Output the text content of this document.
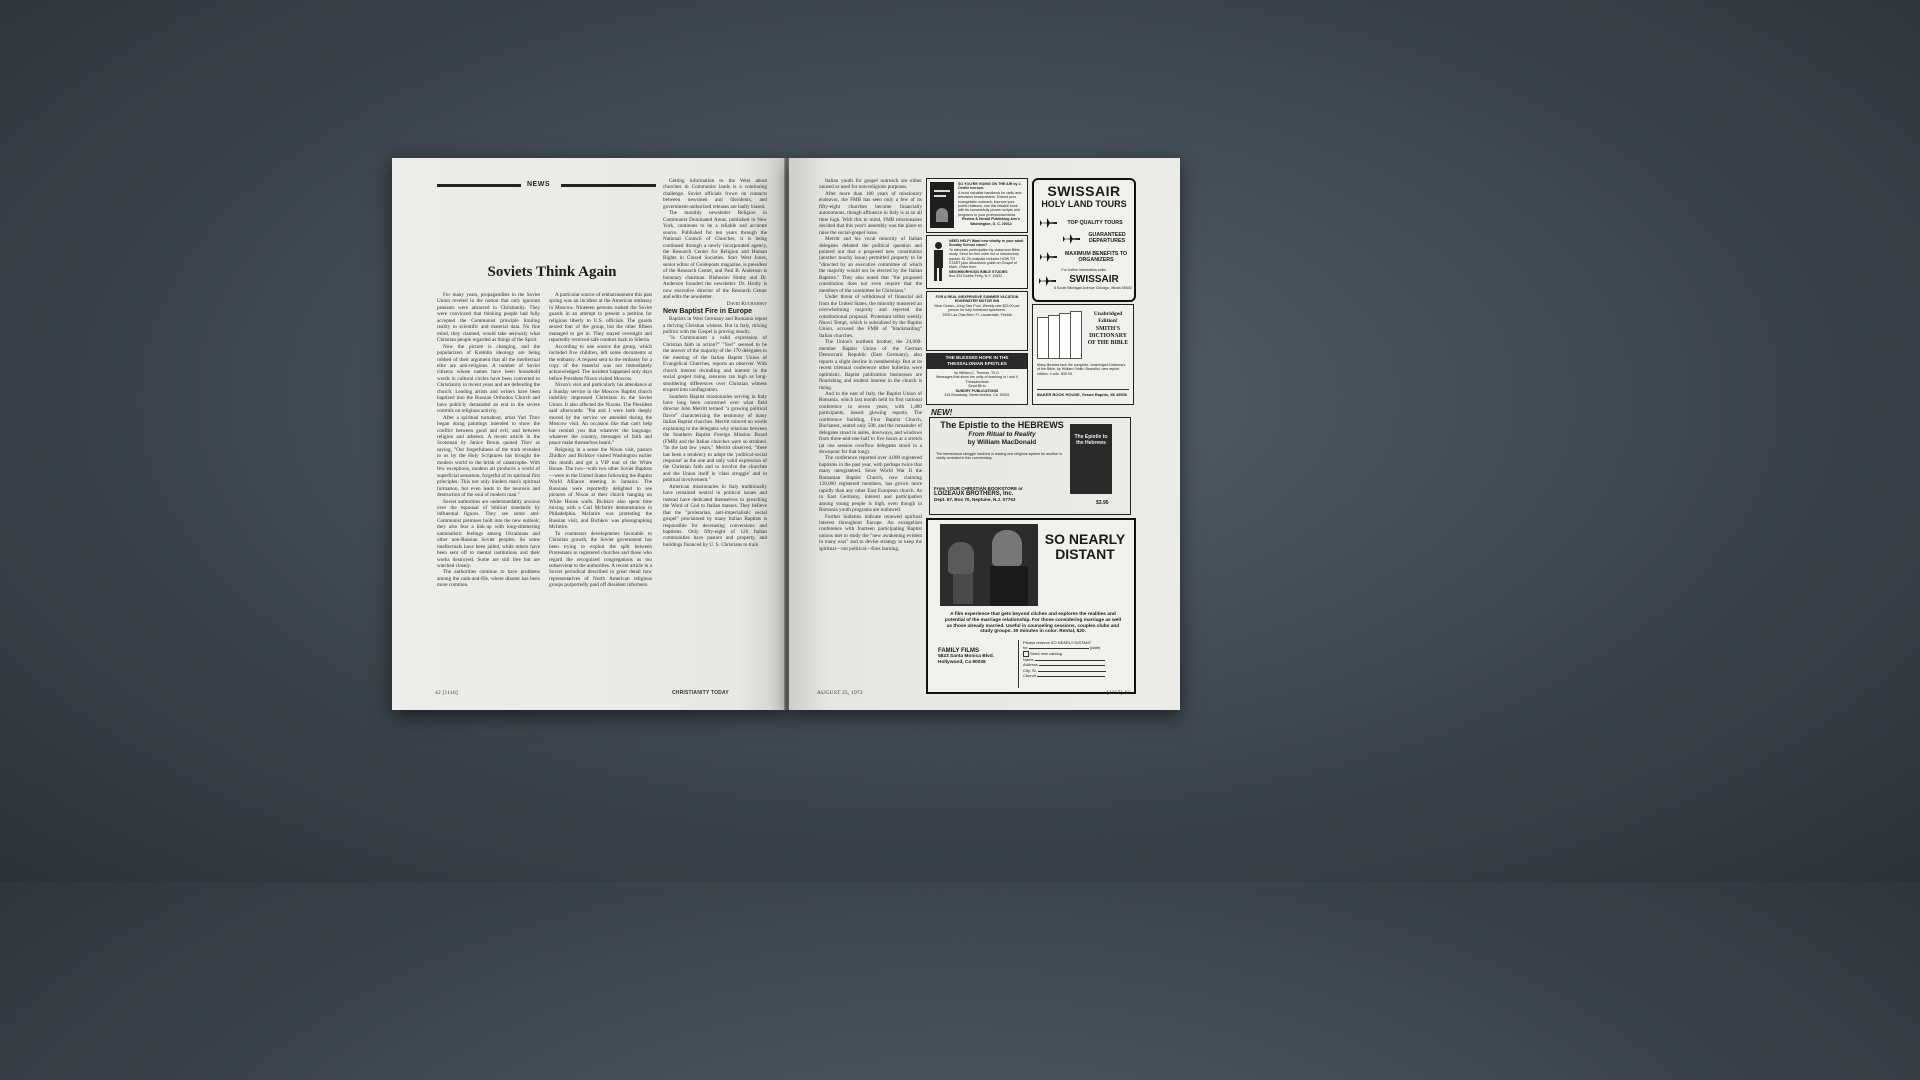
NEWS
Soviets Think Again

For many years, propagandists in the Soviet Union reveled in the notion that only ignorant peasants were attracted to Christianity. They were convinced that thinking people had fully accepted the Communist principle limiting reality to scientific and material data. No fine mind, they claimed, would take seriously what Christian people regarded as things of the Spirit.

Now the picture is changing, and the popularizers of Kremlin ideology are being robbed of their argument that all the intellectual elite are anti-religious. A number of Soviet citizens whose names have been household words in cultural circles have been converted to Christianity in recent years and are defending the church. Leading artists and writers have been baptized into the Russian Orthodox Church and have publicly demanded an end to the severe controls on religious activity.

After a spiritual turnabout, artist Yuri Titov began doing paintings intended to show the conflict between good and evil, and between religion and atheism. A recent article in the Scotsman by Janice Broun quoted Titov as saying, "Our forgetfulness of the truth revealed to us by the Holy Scriptures has brought the modern world to the brink of catastrophe. With few exceptions, modern art produces a world of superficial sensation, forgetful of its spiritual first principles. This not only hinders man's spiritual formation, but even leads to the neurosis and destruction of the soul of modern man."

Soviet authorities are understandably anxious over the espousal of biblical standards by influential figures. They see some anti-Communist premises built into the new outlook; they also fear a link-up with long-simmering nationalistic feelings among Ukrainians and other non-Russian Soviet peoples. So some intellectuals have been jailed, while others have been sent off to mental institutions and their works destroyed. Some are still free but are watched closely.

The authorities continue to have problems among the rank-and-file, where dissent has been more common.

A particular source of embarrassment this past spring was an incident at the American embassy in Moscow. Nineteen persons rushed the Soviet guards in an attempt to present a petition for religious liberty to U.S. officials. The guards seized four of the group, but the other fifteen managed to get in. They stayed overnight and reportedly received safe conduct back to Siberia.

According to one source the group, which included five children, left some documents at the embassy. A request sent to the embassy for a copy of the material was not immediately acknowledged. The incident happened only days before President Nixon visited Moscow.

Nixon's visit and particularly his attendance at a Sunday service in the Moscow Baptist church indelibly impressed Christians in the Soviet Union. It also affected the Nixons. The President said afterwards: "Pat and I were both deeply moved by the service we attended during the Moscow visit. An occasion like that can't help but remind you that whatever the language, whatever the country, messages of faith and peace make themselves heard."

Reigning in a sense the Nixon visit, pastors Zhidkov and Bichkov visited Washington earlier this month and got a VIP tour of the White House. The two—with two other Soviet Baptists—were in the United States following the Baptist World Alliance meeting in Jamaica. The Russians were reportedly delighted to see pictures of Nixon at their church hanging on White House walls. Bichkov also spent time mixing with a Carl McIntire demonstration in Philadelphia. McIntire was protesting the Russian visit, and Bichkov was photographing McIntire.

To counteract developments favorable to Christian growth, the Soviet government has been trying to exploit the split between Protestants in registered churches and those who regard the recognized congregations as too subservient to the authorities. A recent article in a Soviet periodical described in great detail how representatives of North American religious groups purportedly paid off dissident informers.

Getting information to the West about churches in Communist lands is a continuing challenge. Soviet officials frown on contacts between newsmen and dissidents, and government-authorized releases are badly biased.

The monthly newsletter Religion in Communist Dominated Areas, published in New York, continues to be a reliable and accurate source. Published for ten years through the National Council of Churches, it is being continued through a newly incorporated agency, the Research Center for Religion and Human Rights in Closed Societies. Starr West Jones, senior editor of Guideposts magazine, is president of the Research Center, and Paul B. Anderson is honorary chairman. Blahoslav Hruby and Dr. Anderson founded the newsletter. Dr. Hruby is now executive director of the Research Center and edits the newsletter.

David Kucharsky

New Baptist Fire in Europe

Baptists in West Germany and Romania report a thriving Christian witness. But in Italy, mixing politics with the Gospel is proving deadly.

"Is Communism a valid expression of Christian faith in action?" "Yes!" seemed to be the answer of the majority of the 170 delegates to the meeting of the Italian Baptist Union of Evangelical Churches, reports an observer. With church interest dwindling and interest in the social gospel rising, tensions ran high as long-smoldering differences over Christian witness erupted into conflagration.

Southern Baptist missionaries serving in Italy have long been concerned over what field director John Merritt termed "a growing political flavor" characterizing the testimony of many Italian Baptist churches. Merritt minced no words explaining to the delegates why relations between the Southern Baptist Foreign Mission Board (FMB) and the Italian churches were so strained. "In the last few years," Merritt observed, "there has been a tendency to adopt the 'political-social response' as the one and only valid expression of the Christian faith and to involve the churches and the Union itself in 'class struggle' and in political involvement."

American missionaries in Italy traditionally have remained neutral in political issues and instead have dedicated themselves to preaching the Word of God to Italian masses. They believe that the "proletarian, anti-imperialistic social gospel" proclaimed by many Italian Baptists is responsible for decreasing conversions and baptisms. Only fifty-eight of 126 Italian communities have pastors and property, and buildings financed by U. S. Christians to train

42 [1116]	CHRISTIANITY TODAY

Italian youth for gospel outreach are either unused or used for non-religious purposes.

After more than 100 years of missionary endeavor, the FMB has seen only a few of its fifty-eight churches become financially autonomous, though affluence in Italy is at an all time high. With this in mind, FMB missionaries decided that this year's assembly was the place to raise the social-gospel issue.

Merritt and his vocal minority of Italian delegates debated the political question and pointed out that a proposed new constitution (another touchy issue) permitted property to be "directed by an executive committee of which the majority would not be elected by the Italian Baptists." They also noted that "the proposed constitution does not even require that the members of the committee be Christians."

Under threat of withdrawal of financial aid from the United States, the minority mustered an overwhelming majority and rejected the constitutional proposal. Protestant leftist weekly Nuovi Tempi, which is subsidized by the Baptist Union, accused the FMB of "blackmailing" Italian churches.

The Union's northern brother, the 24,000-member Baptist Union of the German Democratic Republic (East Germany), also reports a slight decline in membership. But at its recent triennial conference other bulletins were optimistic. Baptist publication businesses are flourishing and student interest in the church is rising.

And to the east of Italy, the Baptist Union of Romania, which last month held its first national conference in seven years, with 1,400 participants, issued glowing reports. The conference building, First Baptist Church, Bucharest, seated only 500, and the remainder of delegates stood in aisles, doorways, and windows from three-and-one-half to five hours at a stretch (at one session overflow delegates stood in a downpour for that long).

The conference reported over 4,000 registered baptisms in the past year, with perhaps twice that many unregistered. Since World War II the Romanian Baptist Church, now claiming 120,000 registered members, has grown more rapidly than any other East European church. As in East Germany, interest and participation among young people is high, even though in Romania youth programs are outlawed.

Further bulletins indicate renewed spiritual interest throughout Europe. An evangelism conference with fourteen participating Baptist unions met to study the "new awakening evident in many ears" and to devise strategy to keep the spiritual—not political—fires burning.

SO YOU'RE GOING ON THE AIR by J. Orville Iverson.
A most valuable handbook for radio and television broadcasters. Extend your evangelistic outreach, improve your public relations, use this reliable book with its successfully proven scripts and programs to your professional ideas.
Review & Herald Publishing Ass'n Washington, D. C. 20012
NEED HELP! Want new vitality in your adult Sunday School class?
To stimulate participation by classroom Bible study. Send for free order list or introductory packet. $1.25 postpaid includes HOW TO START plus discussion guide on Gospel of Mark. Order from
NEIGHBORHOOD BIBLE STUDIES
Box 222 Dobbs Ferry, N.Y. 10522
FOR A REAL INEXPENSIVE SUMMER VACATION
EDGEWATER MOTOR INN
Near Ocean—King Size Pool. Weekly rate $23.00 per person for fully furnished apartment.
2905 Las Olas Blvd. Ft. Lauderdale, Florida
THE BLESSED HOPE IN THE THESSALONIAN EPISTLES
by William C. Thomas, Th.D.
Messages that show the unity of teaching in I and II Thessalonians
Send $6 to
SUNDRY PUBLICATIONS
416 Broadway, Santa Monica, Ca. 90401
SWISSAIR
HOLY LAND TOURS
TOP QUALITY TOURS
GUARANTEED DEPARTURES
MAXIMUM BENEFITS TO ORGANIZERS
For further information write:
SWISSAIR
8 South Michigan Avenue Chicago, Illinois 60603
Unabridged Edition!
SMITH'S DICTIONARY OF THE BIBLE
Many libraries lack the complete, unabridged Dictionary of the Bible, by William Smith. Beautiful, new reprint edition. 4 vols. $39.95
BAKER BOOK HOUSE, Grand Rapids, MI 49506
NEW!
The Epistle to the HEBREWS
From Ritual to Reality
by William MacDonald
The tremendous struggle involved in leaving one religious system for another is vividly revealed in this commentary.
From YOUR CHRISTIAN BOOKSTORE or
LOIZEAUX BROTHERS, Inc.
Dept. 67, Box 70, Neptune, N.J. 07753
The Epistle to the Hebrews
$3.95
SO NEARLY DISTANT
A film experience that gets beyond cliches and explores the realities and potential of the marriage relationship. For those considering marriage as well as those already married. Useful in counseling sessions, couples clubs and study groups. 30 minutes in color. Rental, $20.
FAMILY FILMS
5823 Santa Monica Blvd. Hollywood, Ca 90038
Please reserve SO NEARLY DISTANT
for	(date)
Send new catalog
Name
Address
City, St.
Church
AUGUST 25, 1972	[1117] 43
